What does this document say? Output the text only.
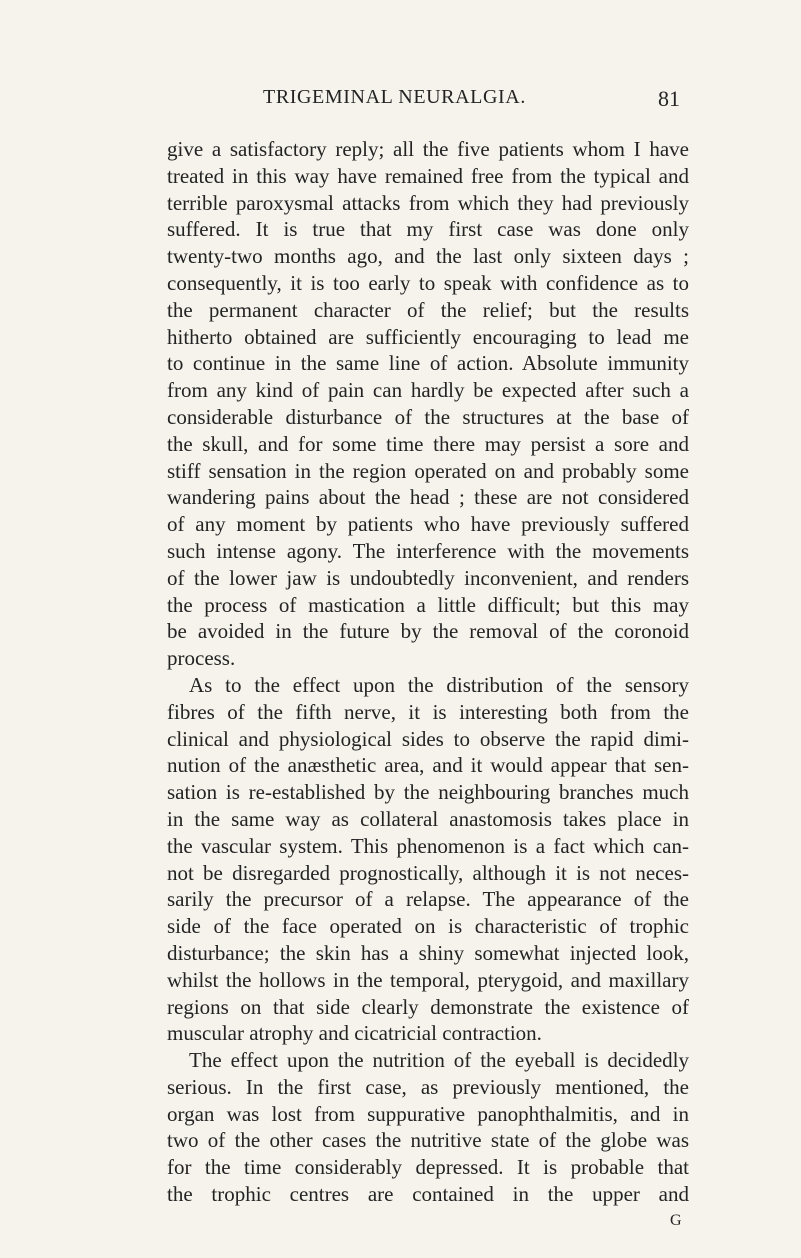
TRIGEMINAL NEURALGIA.	81
give a satisfactory reply; all the five patients whom I have
treated in this way have remained free from the typical and
terrible paroxysmal attacks from which they had previously
suffered. It is true that my first case was done only
twenty-two months ago, and the last only sixteen days ;
consequently, it is too early to speak with confidence as to
the permanent character of the relief; but the results
hitherto obtained are sufficiently encouraging to lead me
to continue in the same line of action. Absolute immunity
from any kind of pain can hardly be expected after such a
considerable disturbance of the structures at the base of
the skull, and for some time there may persist a sore and
stiff sensation in the region operated on and probably some
wandering pains about the head ; these are not considered
of any moment by patients who have previously suffered
such intense agony. The interference with the movements
of the lower jaw is undoubtedly inconvenient, and renders
the process of mastication a little difficult; but this may
be avoided in the future by the removal of the coronoid
process.
As to the effect upon the distribution of the sensory
fibres of the fifth nerve, it is interesting both from the
clinical and physiological sides to observe the rapid dimi-
nution of the anæsthetic area, and it would appear that sen-
sation is re-established by the neighbouring branches much
in the same way as collateral anastomosis takes place in
the vascular system. This phenomenon is a fact which can-
not be disregarded prognostically, although it is not neces-
sarily the precursor of a relapse. The appearance of the
side of the face operated on is characteristic of trophic
disturbance; the skin has a shiny somewhat injected look,
whilst the hollows in the temporal, pterygoid, and maxillary
regions on that side clearly demonstrate the existence of
muscular atrophy and cicatricial contraction.
The effect upon the nutrition of the eyeball is decidedly
serious. In the first case, as previously mentioned, the
organ was lost from suppurative panophthalmitis, and in
two of the other cases the nutritive state of the globe was
for the time considerably depressed. It is probable that
the trophic centres are contained in the upper and
G
